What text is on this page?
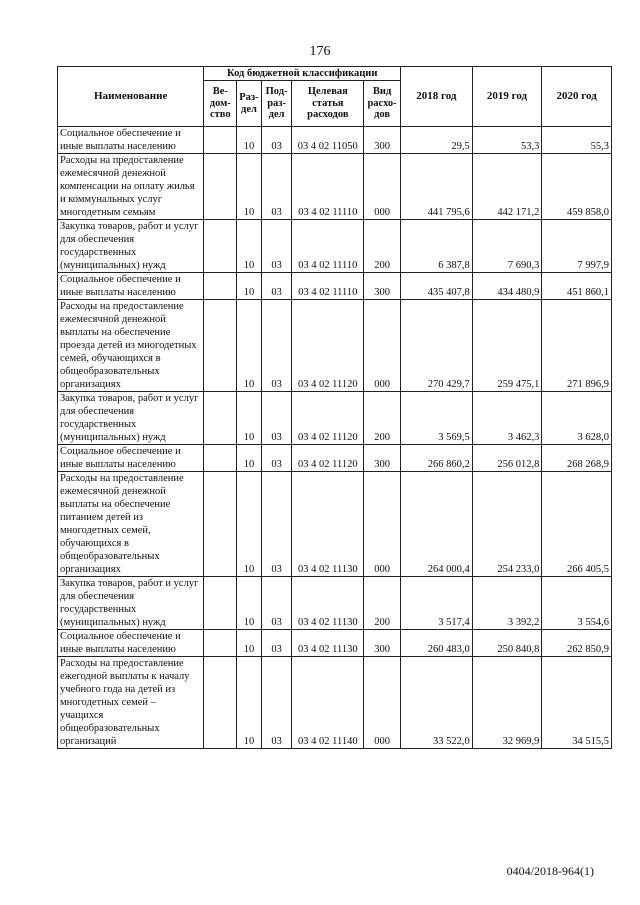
176
Наименование	Код бюджетной классификации					2018 год	2019 год	2020 год
	Ве-дом-ство	Раз-дел	Под-раз-дел	Целевая статья расходов	Вид расхо-дов			
Социальное обеспечение и иные выплаты населению		10	03	03 4 02 11050	300	29,5	53,3	55,3
Расходы на предоставление ежемесячной денежной компенсации на оплату жилья и коммунальных услуг многодетным семьям		10	03	03 4 02 11110	000	441 795,6	442 171,2	459 858,0
Закупка товаров, работ и услуг для обеспечения государственных (муниципальных) нужд		10	03	03 4 02 11110	200	6 387,8	7 690,3	7 997,9
Социальное обеспечение и иные выплаты населению		10	03	03 4 02 11110	300	435 407,8	434 480,9	451 860,1
Расходы на предоставление ежемесячной денежной выплаты на обеспечение проезда детей из многодетных семей, обучающихся в общеобразовательных организациях		10	03	03 4 02 11120	000	270 429,7	259 475,1	271 896,9
Закупка товаров, работ и услуг для обеспечения государственных (муниципальных) нужд		10	03	03 4 02 11120	200	3 569,5	3 462,3	3 628,0
Социальное обеспечение и иные выплаты населению		10	03	03 4 02 11120	300	266 860,2	256 012,8	268 268,9
Расходы на предоставление ежемесячной денежной выплаты на обеспечение питанием детей из многодетных семей, обучающихся в общеобразовательных организациях		10	03	03 4 02 11130	000	264 000,4	254 233,0	266 405,5
Закупка товаров, работ и услуг для обеспечения государственных (муниципальных) нужд		10	03	03 4 02 11130	200	3 517,4	3 392,2	3 554,6
Социальное обеспечение и иные выплаты населению		10	03	03 4 02 11130	300	260 483,0	250 840,8	262 850,9
Расходы на предоставление ежегодной выплаты к началу учебного года на детей из многодетных семей – учащихся общеобразовательных организаций		10	03	03 4 02 11140	000	33 522,0	32 969,9	34 515,5
0404/2018-964(1)
